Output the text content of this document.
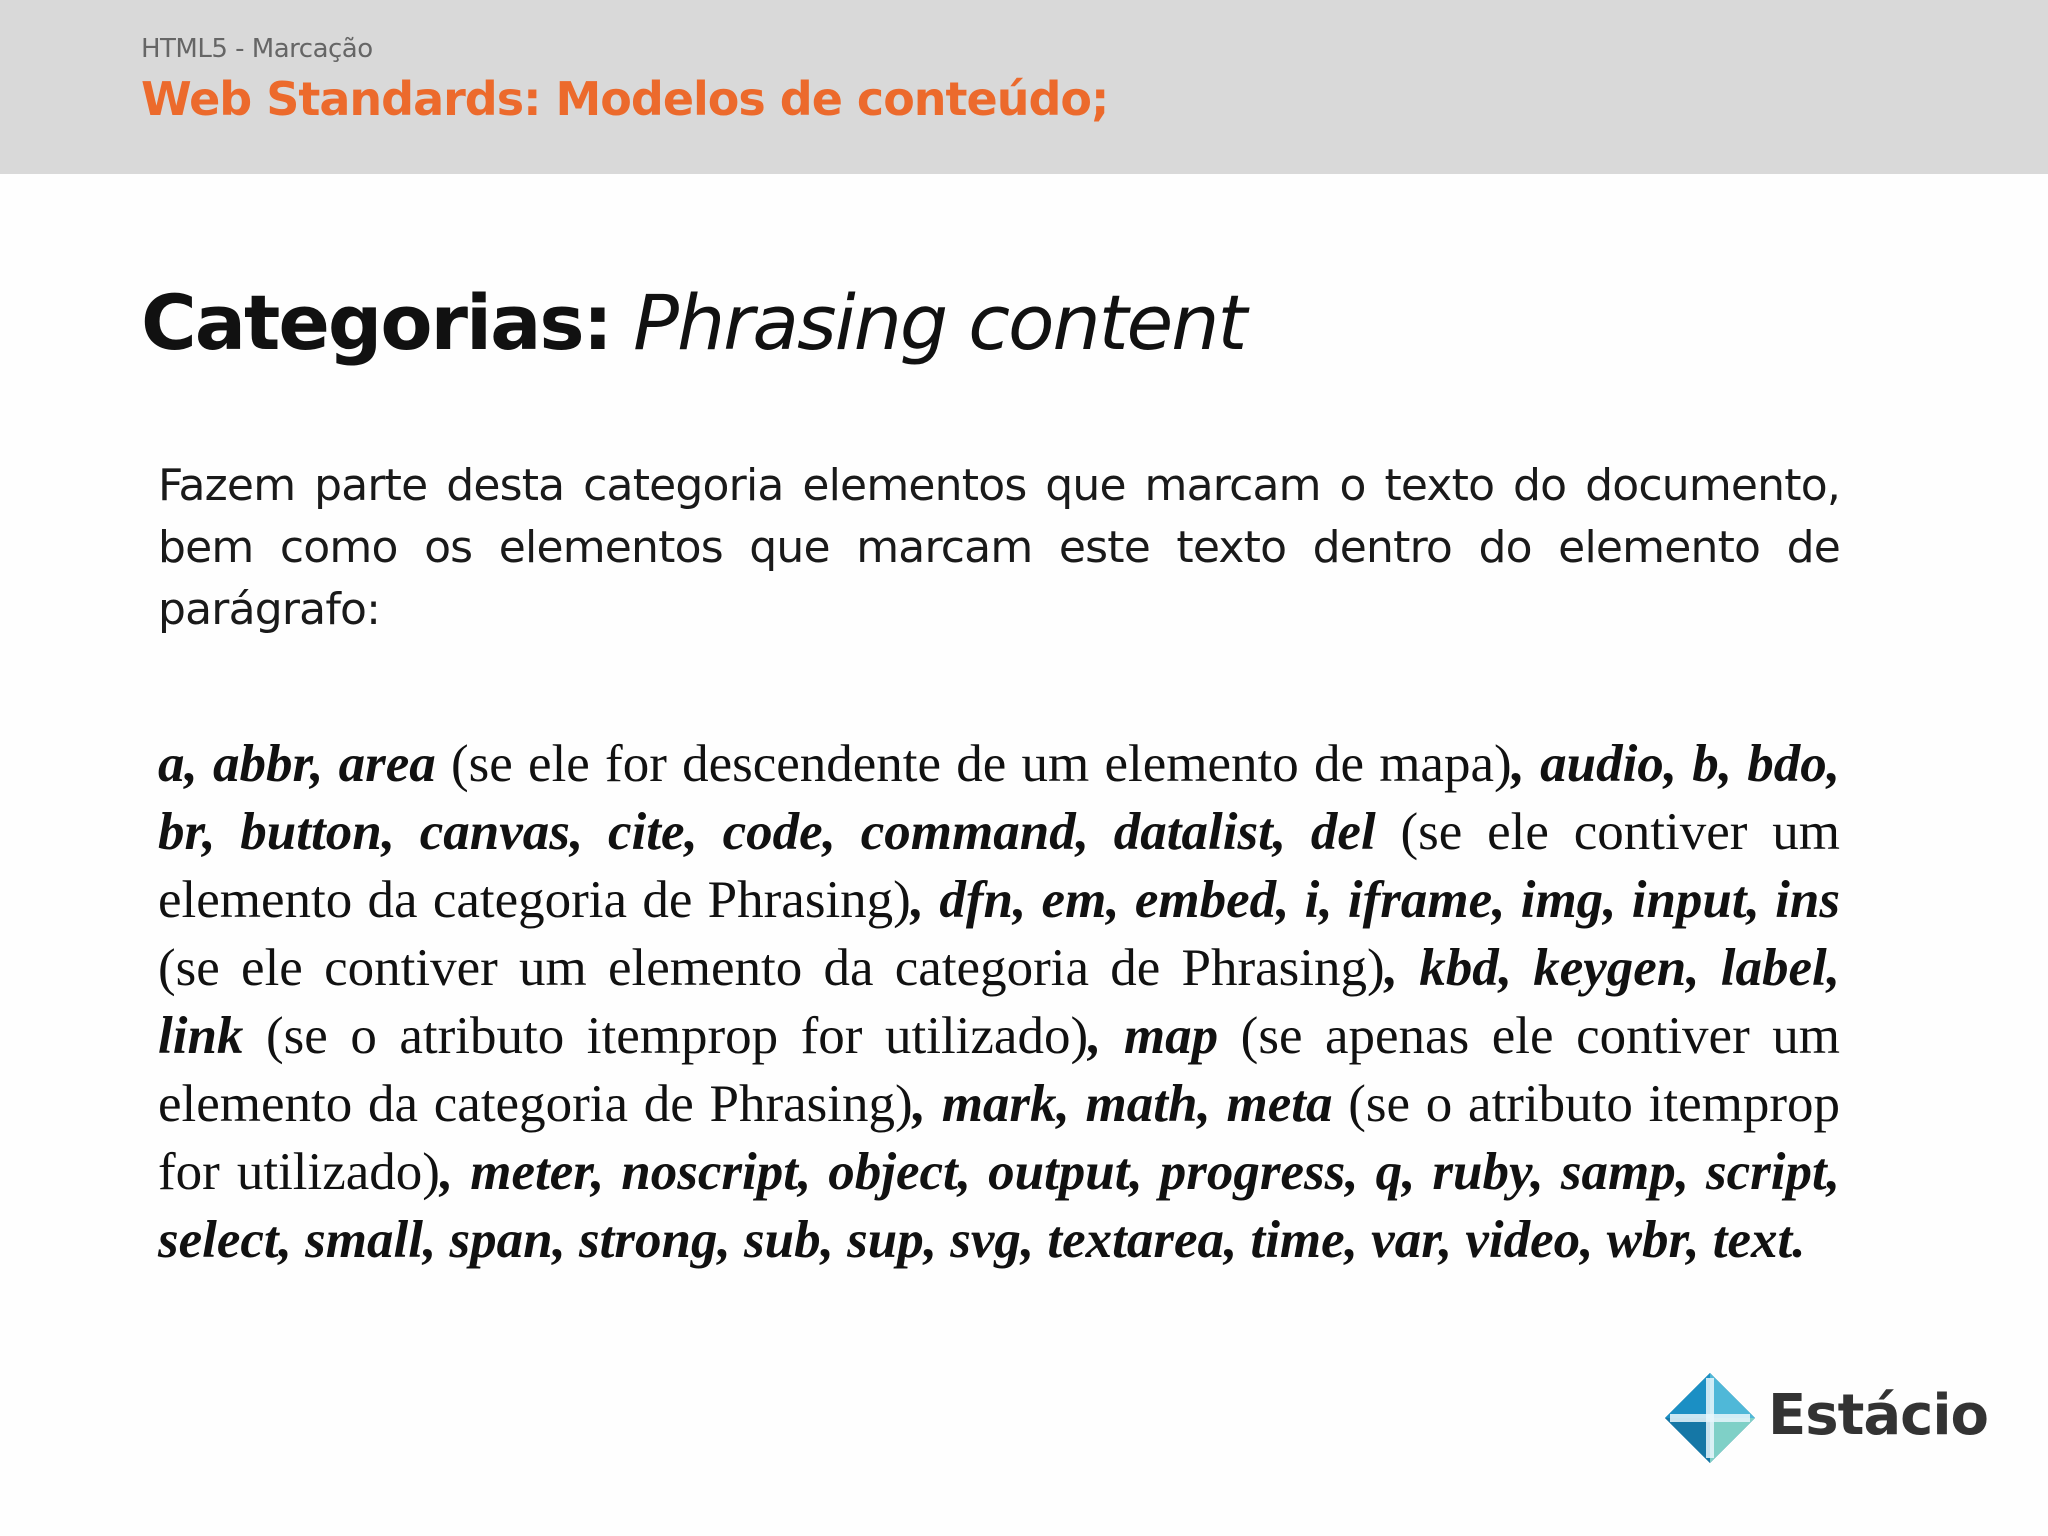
HTML5 - Marcação
Web Standards: Modelos de conteúdo;
Categorias: Phrasing content
Fazem parte desta categoria elementos que marcam o texto do documento, bem como os elementos que marcam este texto dentro do elemento de parágrafo:
a, abbr, area (se ele for descendente de um elemento de mapa), audio, b, bdo, br, button, canvas, cite, code, command, datalist, del (se ele contiver um elemento da categoria de Phrasing), dfn, em, embed, i, iframe, img, input, ins (se ele contiver um elemento da categoria de Phrasing), kbd, keygen, label, link (se o atributo itemprop for utilizado), map (se apenas ele contiver um elemento da categoria de Phrasing), mark, math, meta (se o atributo itemprop for utilizado), meter, noscript, object, output, progress, q, ruby, samp, script, select, small, span, strong, sub, sup, svg, textarea, time, var, video, wbr, text.
Estácio
